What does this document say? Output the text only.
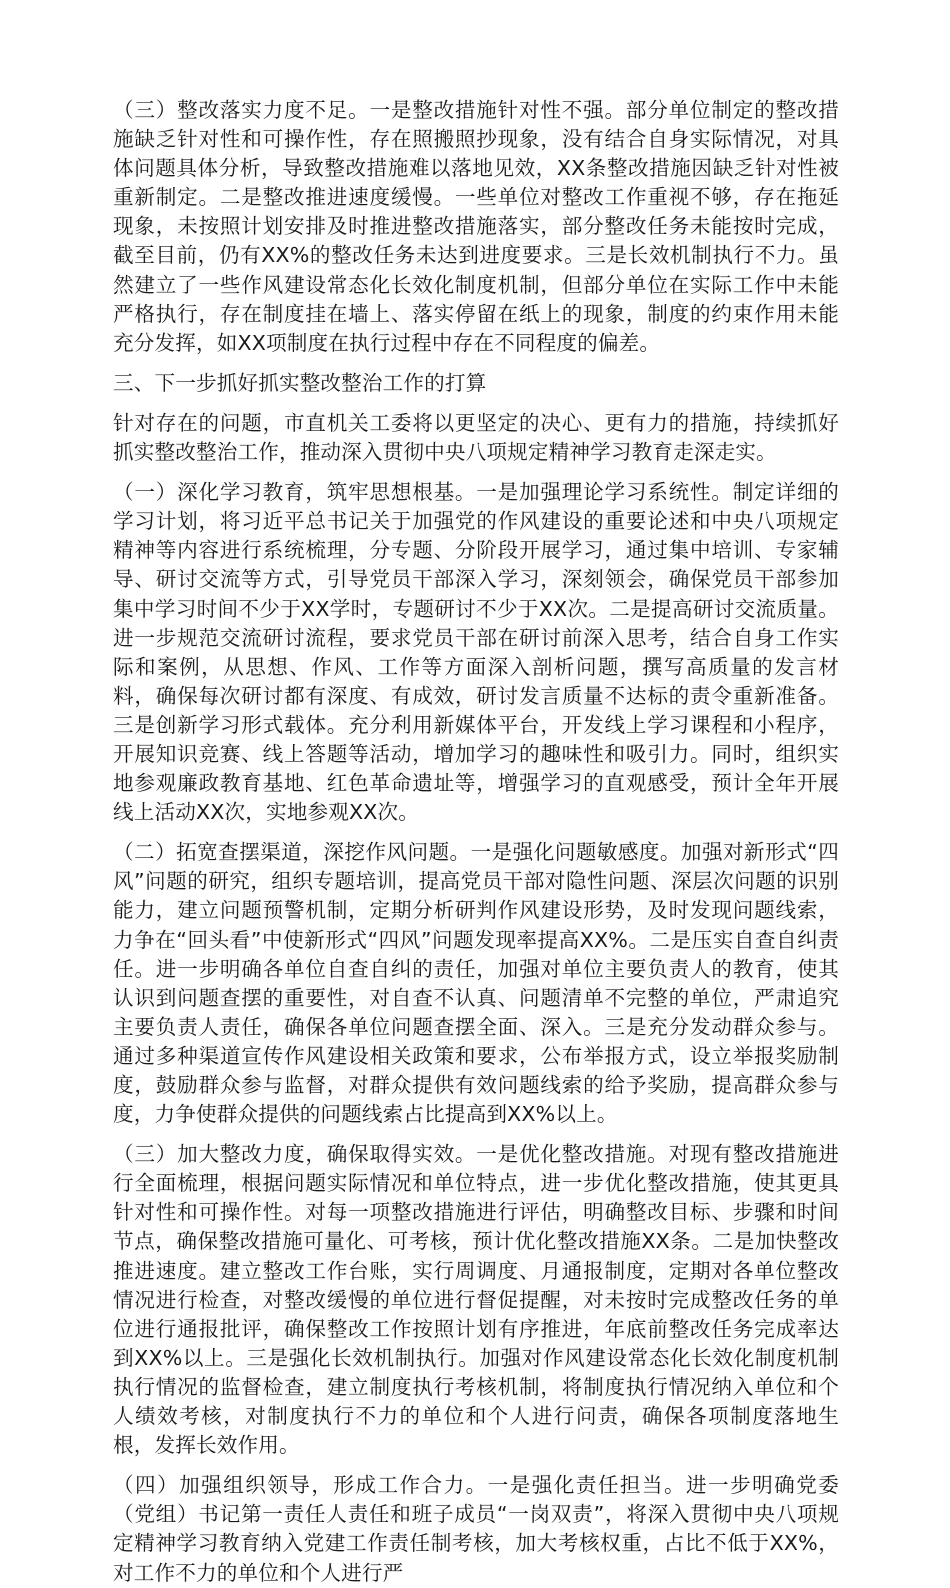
（三）整改落实力度不足。一是整改措施针对性不强。部分单位制定的整改措施缺乏针对性和可操作性，存在照搬照抄现象，没有结合自身实际情况，对具体问题具体分析，导致整改措施难以落地见效，XX条整改措施因缺乏针对性被重新制定。二是整改推进速度缓慢。一些单位对整改工作重视不够，存在拖延现象，未按照计划安排及时推进整改措施落实，部分整改任务未能按时完成，截至目前，仍有XX%的整改任务未达到进度要求。三是长效机制执行不力。虽然建立了一些作风建设常态化长效化制度机制，但部分单位在实际工作中未能严格执行，存在制度挂在墙上、落实停留在纸上的现象，制度的约束作用未能充分发挥，如XX项制度在执行过程中存在不同程度的偏差。

三、下一步抓好抓实整改整治工作的打算

针对存在的问题，市直机关工委将以更坚定的决心、更有力的措施，持续抓好抓实整改整治工作，推动深入贯彻中央八项规定精神学习教育走深走实。

（一）深化学习教育，筑牢思想根基。一是加强理论学习系统性。制定详细的学习计划，将习近平总书记关于加强党的作风建设的重要论述和中央八项规定精神等内容进行系统梳理，分专题、分阶段开展学习，通过集中培训、专家辅导、研讨交流等方式，引导党员干部深入学习，深刻领会，确保党员干部参加集中学习时间不少于XX学时，专题研讨不少于XX次。二是提高研讨交流质量。进一步规范交流研讨流程，要求党员干部在研讨前深入思考，结合自身工作实际和案例，从思想、作风、工作等方面深入剖析问题，撰写高质量的发言材料，确保每次研讨都有深度、有成效，研讨发言质量不达标的责令重新准备。三是创新学习形式载体。充分利用新媒体平台，开发线上学习课程和小程序，开展知识竞赛、线上答题等活动，增加学习的趣味性和吸引力。同时，组织实地参观廉政教育基地、红色革命遗址等，增强学习的直观感受，预计全年开展线上活动XX次，实地参观XX次。

（二）拓宽查摆渠道，深挖作风问题。一是强化问题敏感度。加强对新形式“四风”问题的研究，组织专题培训，提高党员干部对隐性问题、深层次问题的识别能力，建立问题预警机制，定期分析研判作风建设形势，及时发现问题线索，力争在“回头看”中使新形式“四风”问题发现率提高XX%。二是压实自查自纠责任。进一步明确各单位自查自纠的责任，加强对单位主要负责人的教育，使其认识到问题查摆的重要性，对自查不认真、问题清单不完整的单位，严肃追究主要负责人责任，确保各单位问题查摆全面、深入。三是充分发动群众参与。通过多种渠道宣传作风建设相关政策和要求，公布举报方式，设立举报奖励制度，鼓励群众参与监督，对群众提供有效问题线索的给予奖励，提高群众参与度，力争使群众提供的问题线索占比提高到XX%以上。

（三）加大整改力度，确保取得实效。一是优化整改措施。对现有整改措施进行全面梳理，根据问题实际情况和单位特点，进一步优化整改措施，使其更具针对性和可操作性。对每一项整改措施进行评估，明确整改目标、步骤和时间节点，确保整改措施可量化、可考核，预计优化整改措施XX条。二是加快整改推进速度。建立整改工作台账，实行周调度、月通报制度，定期对各单位整改情况进行检查，对整改缓慢的单位进行督促提醒，对未按时完成整改任务的单位进行通报批评，确保整改工作按照计划有序推进，年底前整改任务完成率达到XX%以上。三是强化长效机制执行。加强对作风建设常态化长效化制度机制执行情况的监督检查，建立制度执行考核机制，将制度执行情况纳入单位和个人绩效考核，对制度执行不力的单位和个人进行问责，确保各项制度落地生根，发挥长效作用。

（四）加强组织领导，形成工作合力。一是强化责任担当。进一步明确党委（党组）书记第一责任人责任和班子成员“一岗双责”，将深入贯彻中央八项规定精神学习教育纳入党建工作责任制考核，加大考核权重，占比不低于XX%，对工作不力的单位和个人进行严
